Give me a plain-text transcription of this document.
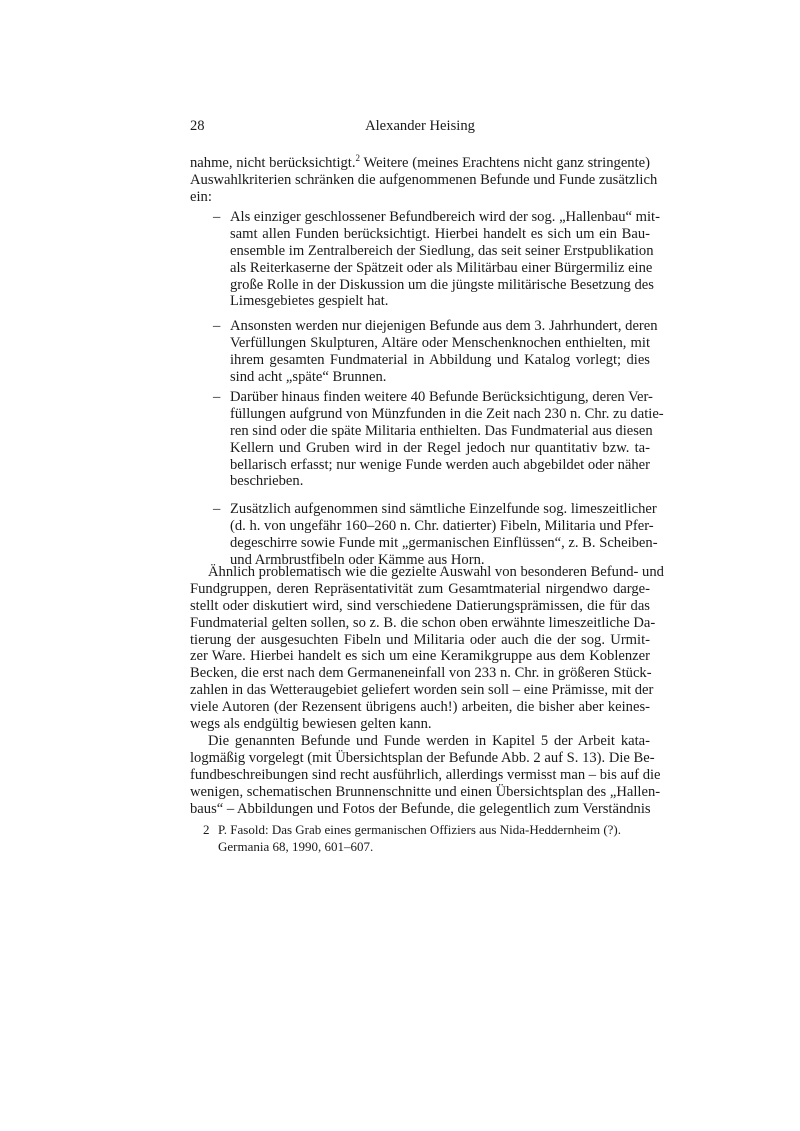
28	Alexander Heising
nahme, nicht berücksichtigt.$^2$ Weitere (meines Erachtens nicht ganz stringente)
Auswahlkriterien schränken die aufgenommenen Befunde und Funde zusätzlich
ein:
– Als einziger geschlossener Befundbereich wird der sog. „Hallenbau“ mit-
samt allen Funden berücksichtigt. Hierbei handelt es sich um ein Bau-
ensemble im Zentralbereich der Siedlung, das seit seiner Erstpublikation
als Reiterkaserne der Spätzeit oder als Militärbau einer Bürgermiliz eine
große Rolle in der Diskussion um die jüngste militärische Besetzung des
Limesgebietes gespielt hat.
– Ansonsten werden nur diejenigen Befunde aus dem 3. Jahrhundert, deren
Verfüllungen Skulpturen, Altäre oder Menschenknochen enthielten, mit
ihrem gesamten Fundmaterial in Abbildung und Katalog vorlegt; dies
sind acht „späte“ Brunnen.
– Darüber hinaus finden weitere 40 Befunde Berücksichtigung, deren Ver-
füllungen aufgrund von Münzfunden in die Zeit nach 230 n. Chr. zu datie-
ren sind oder die späte Militaria enthielten. Das Fundmaterial aus diesen
Kellern und Gruben wird in der Regel jedoch nur quantitativ bzw. ta-
bellarisch erfasst; nur wenige Funde werden auch abgebildet oder näher
beschrieben.
– Zusätzlich aufgenommen sind sämtliche Einzelfunde sog. limeszeitlicher
(d. h. von ungefähr 160–260 n. Chr. datierter) Fibeln, Militaria und Pfer-
degeschirre sowie Funde mit „germanischen Einflüssen“, z. B. Scheiben-
und Armbrustfibeln oder Kämme aus Horn.
Ähnlich problematisch wie die gezielte Auswahl von besonderen Befund- und
Fundgruppen, deren Repräsentativität zum Gesamtmaterial nirgendwo darge-
stellt oder diskutiert wird, sind verschiedene Datierungsprämissen, die für das
Fundmaterial gelten sollen, so z. B. die schon oben erwähnte limeszeitliche Da-
tierung der ausgesuchten Fibeln und Militaria oder auch die der sog. Urmit-
zer Ware. Hierbei handelt es sich um eine Keramikgruppe aus dem Koblenzer
Becken, die erst nach dem Germaneneinfall von 233 n. Chr. in größeren Stück-
zahlen in das Wetteraugebiet geliefert worden sein soll – eine Prämisse, mit der
viele Autoren (der Rezensent übrigens auch!) arbeiten, die bisher aber keines-
wegs als endgültig bewiesen gelten kann.
Die genannten Befunde und Funde werden in Kapitel 5 der Arbeit kata-
logmäßig vorgelegt (mit Übersichtsplan der Befunde Abb. 2 auf S. 13). Die Be-
fundbeschreibungen sind recht ausführlich, allerdings vermisst man – bis auf die
wenigen, schematischen Brunnenschnitte und einen Übersichtsplan des „Hallen-
baus“ – Abbildungen und Fotos der Befunde, die gelegentlich zum Verständnis
2 P. Fasold: Das Grab eines germanischen Offiziers aus Nida-Heddernheim (?).
Germania 68, 1990, 601–607.
